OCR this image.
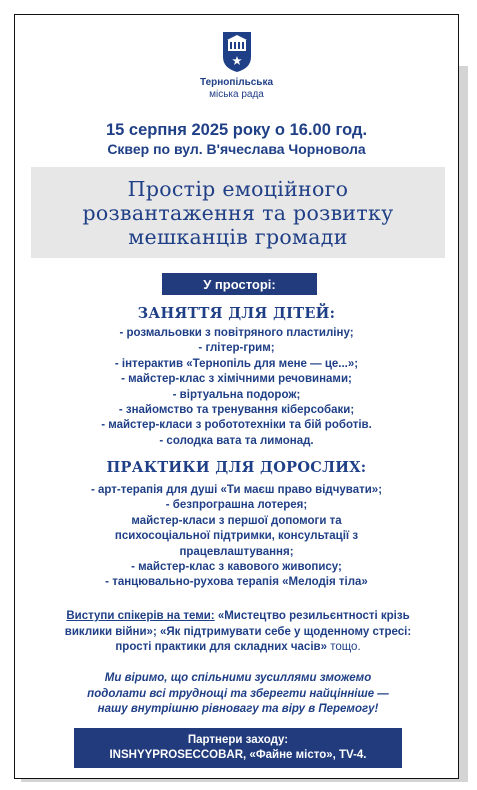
Тернопільська
міська рада
15 серпня 2025 року о 16.00 год.
Сквер по вул. В'ячеслава Чорновола
Простір емоційного
розвантаження та розвитку
мешканців громади
У просторі:
ЗАНЯТТЯ ДЛЯ ДІТЕЙ:
- розмальовки з повітряного пластиліну;
- глітер-грим;
- інтерактив «Тернопіль для мене — це...»;
- майстер-клас з хімічними речовинами;
- віртуальна подорож;
- знайомство та тренування кіберсобаки;
- майстер-класи з робототехніки та бій роботів.
- солодка вата та лимонад.
ПРАКТИКИ ДЛЯ ДОРОСЛИХ:
- арт-терапія для душі «Ти маєш право відчувати»;
- безпрограшна лотерея;
майстер-класи з першої допомоги та
психосоціальної підтримки, консультації з
працевлаштування;
- майстер-клас з кавового живопису;
- танцювально-рухова терапія «Мелодія тіла»
Виступи спікерів на теми: «Мистецтво резильєнтності крізь виклики війни»; «Як підтримувати себе у щоденному стресі: прості практики для складних часів» тощо.
Ми віримо, що спільними зусиллями зможемо
подолати всі труднощі та зберегти найцінніше —
нашу внутрішню рівновагу та віру в Перемогу!
Партнери заходу:
INSHYYPROSECCOBAR, «Файне місто», TV-4.
